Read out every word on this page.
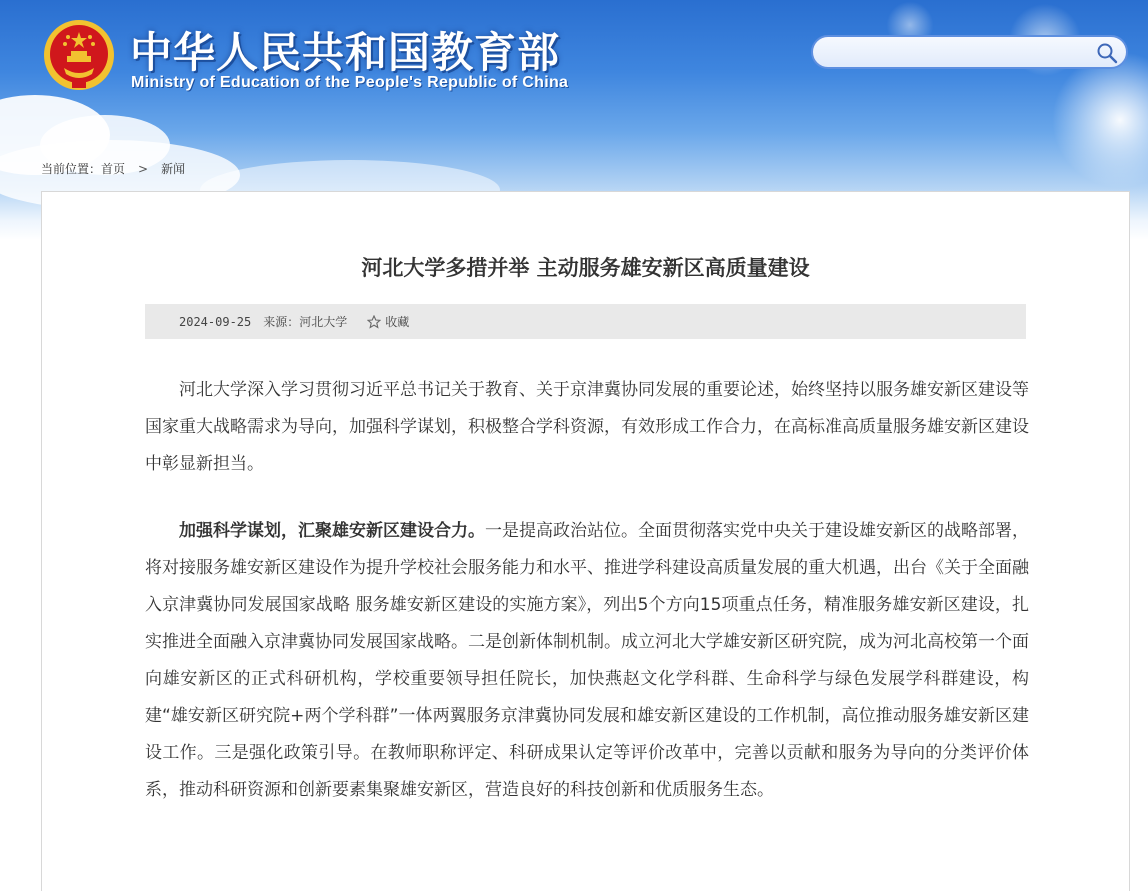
中华人民共和国教育部
Ministry of Education of the People's Republic of China
当前位置： 首页 > 新闻
河北大学多措并举 主动服务雄安新区高质量建设
2024-09-25 来源：河北大学	收藏

河北大学深入学习贯彻习近平总书记关于教育、关于京津冀协同发展的重要论述，始终坚持以服务雄安新区建设等国家重大战略需求为导向，加强科学谋划，积极整合学科资源，有效形成工作合力，在高标准高质量服务雄安新区建设中彰显新担当。

加强科学谋划，汇聚雄安新区建设合力。一是提高政治站位。全面贯彻落实党中央关于建设雄安新区的战略部署，将对接服务雄安新区建设作为提升学校社会服务能力和水平、推进学科建设高质量发展的重大机遇，出台《关于全面融入京津冀协同发展国家战略 服务雄安新区建设的实施方案》，列出5个方向15项重点任务，精准服务雄安新区建设，扎实推进全面融入京津冀协同发展国家战略。二是创新体制机制。成立河北大学雄安新区研究院，成为河北高校第一个面向雄安新区的正式科研机构，学校重要领导担任院长，加快燕赵文化学科群、生命科学与绿色发展学科群建设，构建“雄安新区研究院+两个学科群”一体两翼服务京津冀协同发展和雄安新区建设的工作机制，高位推动服务雄安新区建设工作。三是强化政策引导。在教师职称评定、科研成果认定等评价改革中，完善以贡献和服务为导向的分类评价体系，推动科研资源和创新要素集聚雄安新区，营造良好的科技创新和优质服务生态。
